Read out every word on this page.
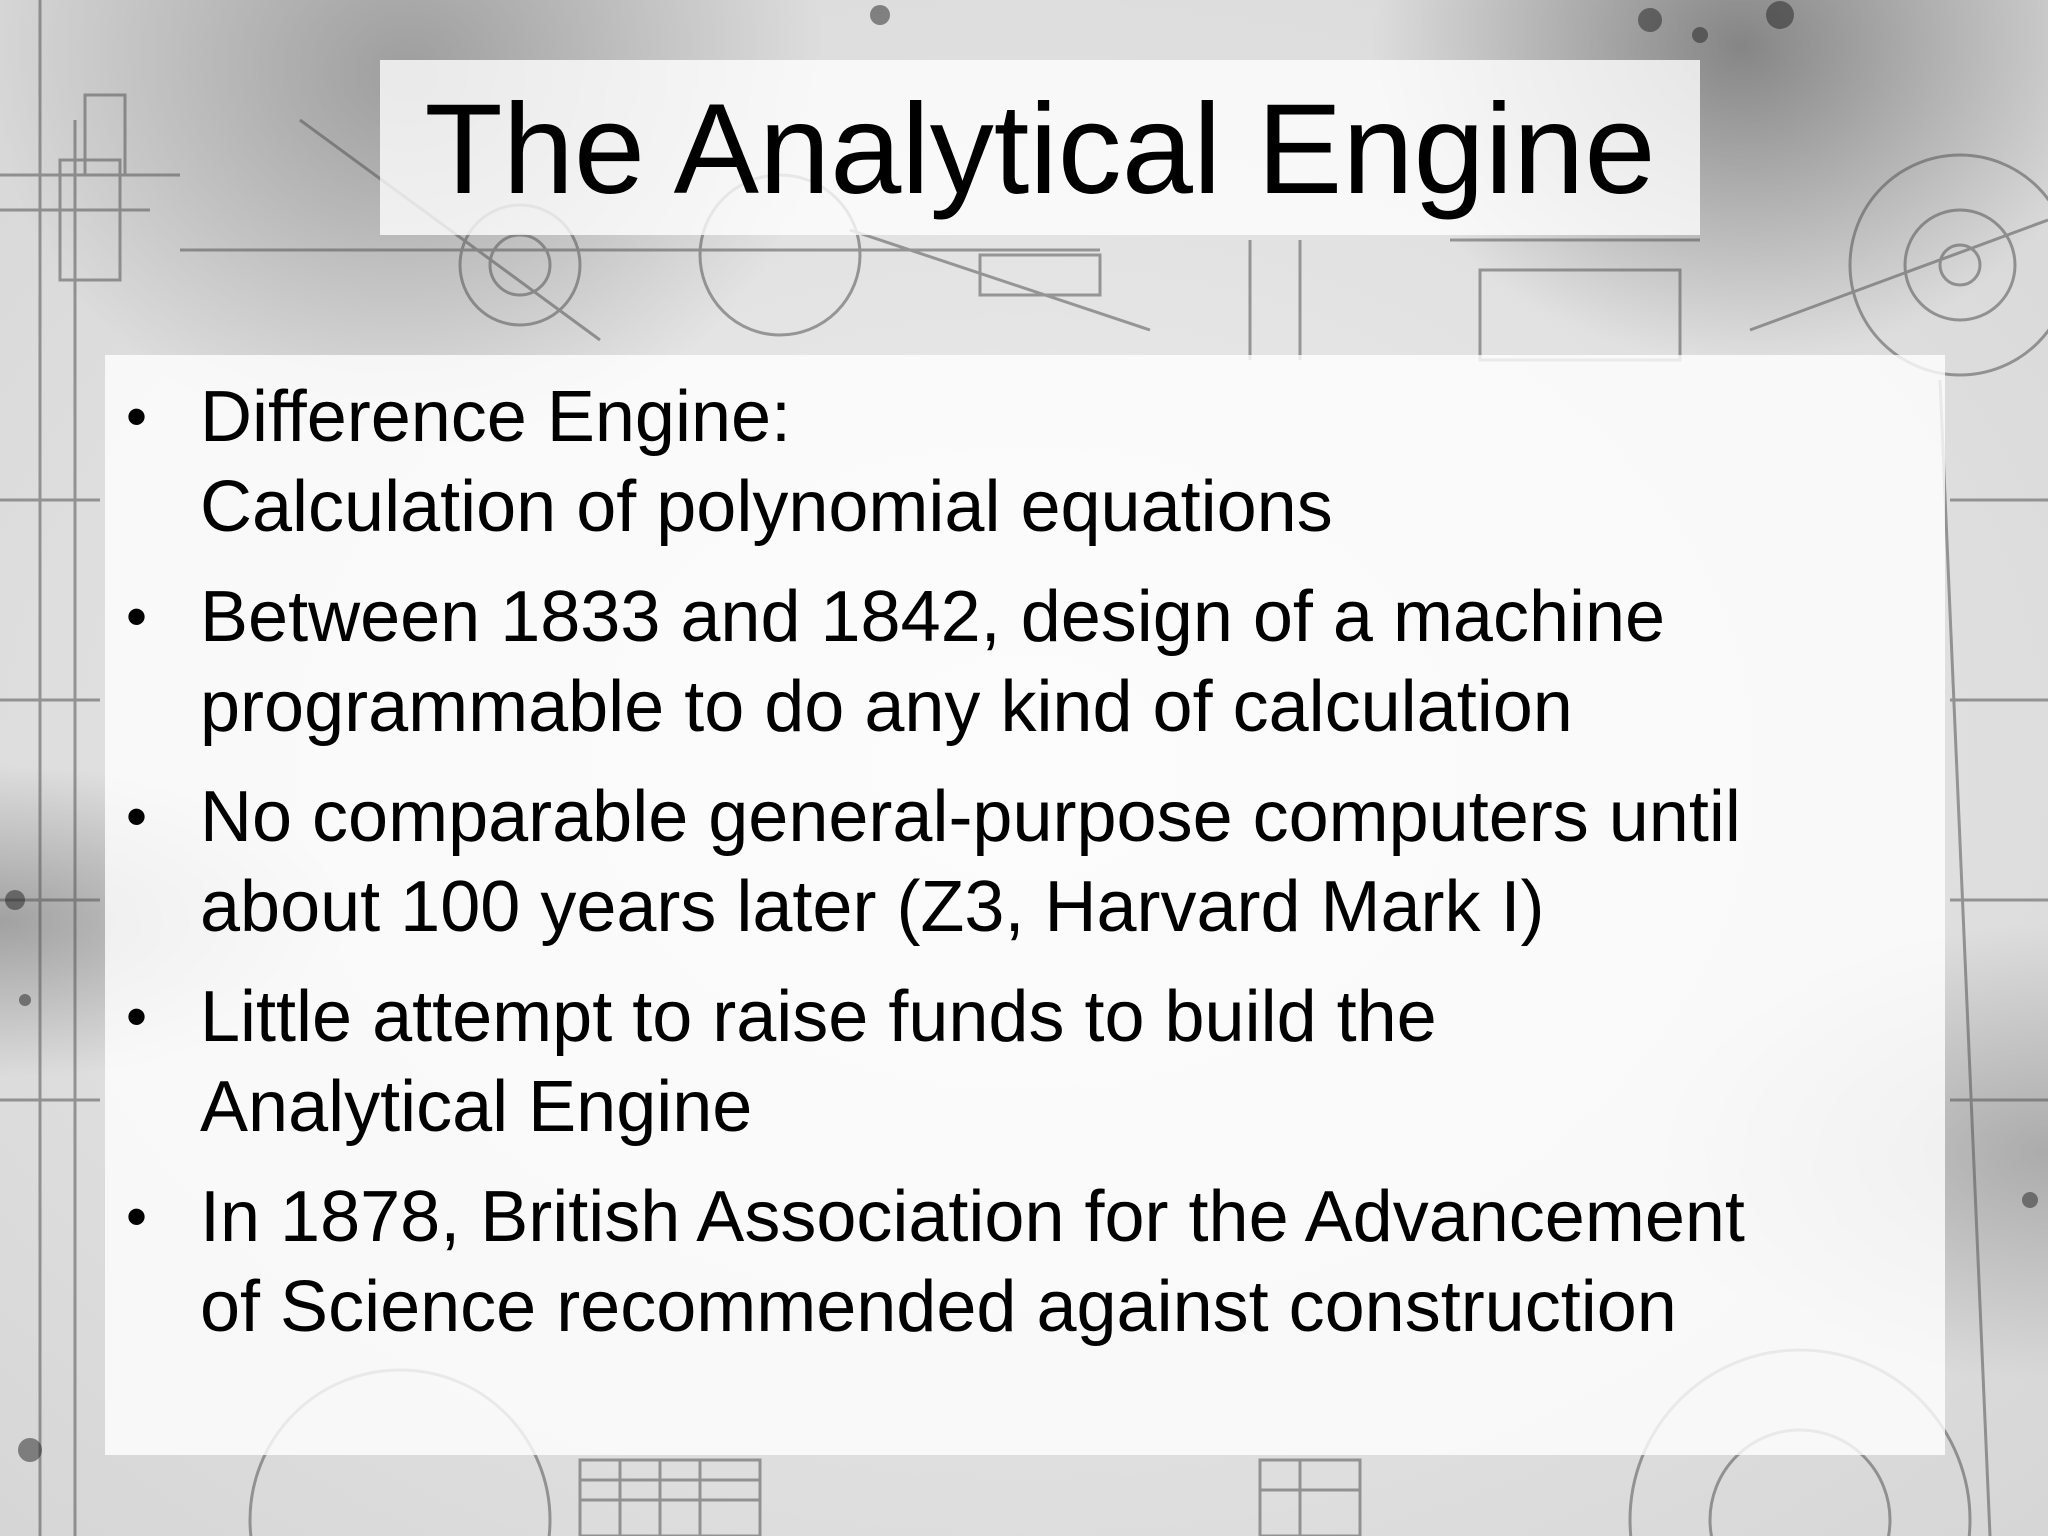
The Analytical Engine
• Difference Engine:
Calculation of polynomial equations
• Between 1833 and 1842, design of a machine
programmable to do any kind of calculation
• No comparable general-purpose computers until
about 100 years later (Z3, Harvard Mark I)
• Little attempt to raise funds to build the
Analytical Engine
• In 1878, British Association for the Advancement
of Science recommended against construction
